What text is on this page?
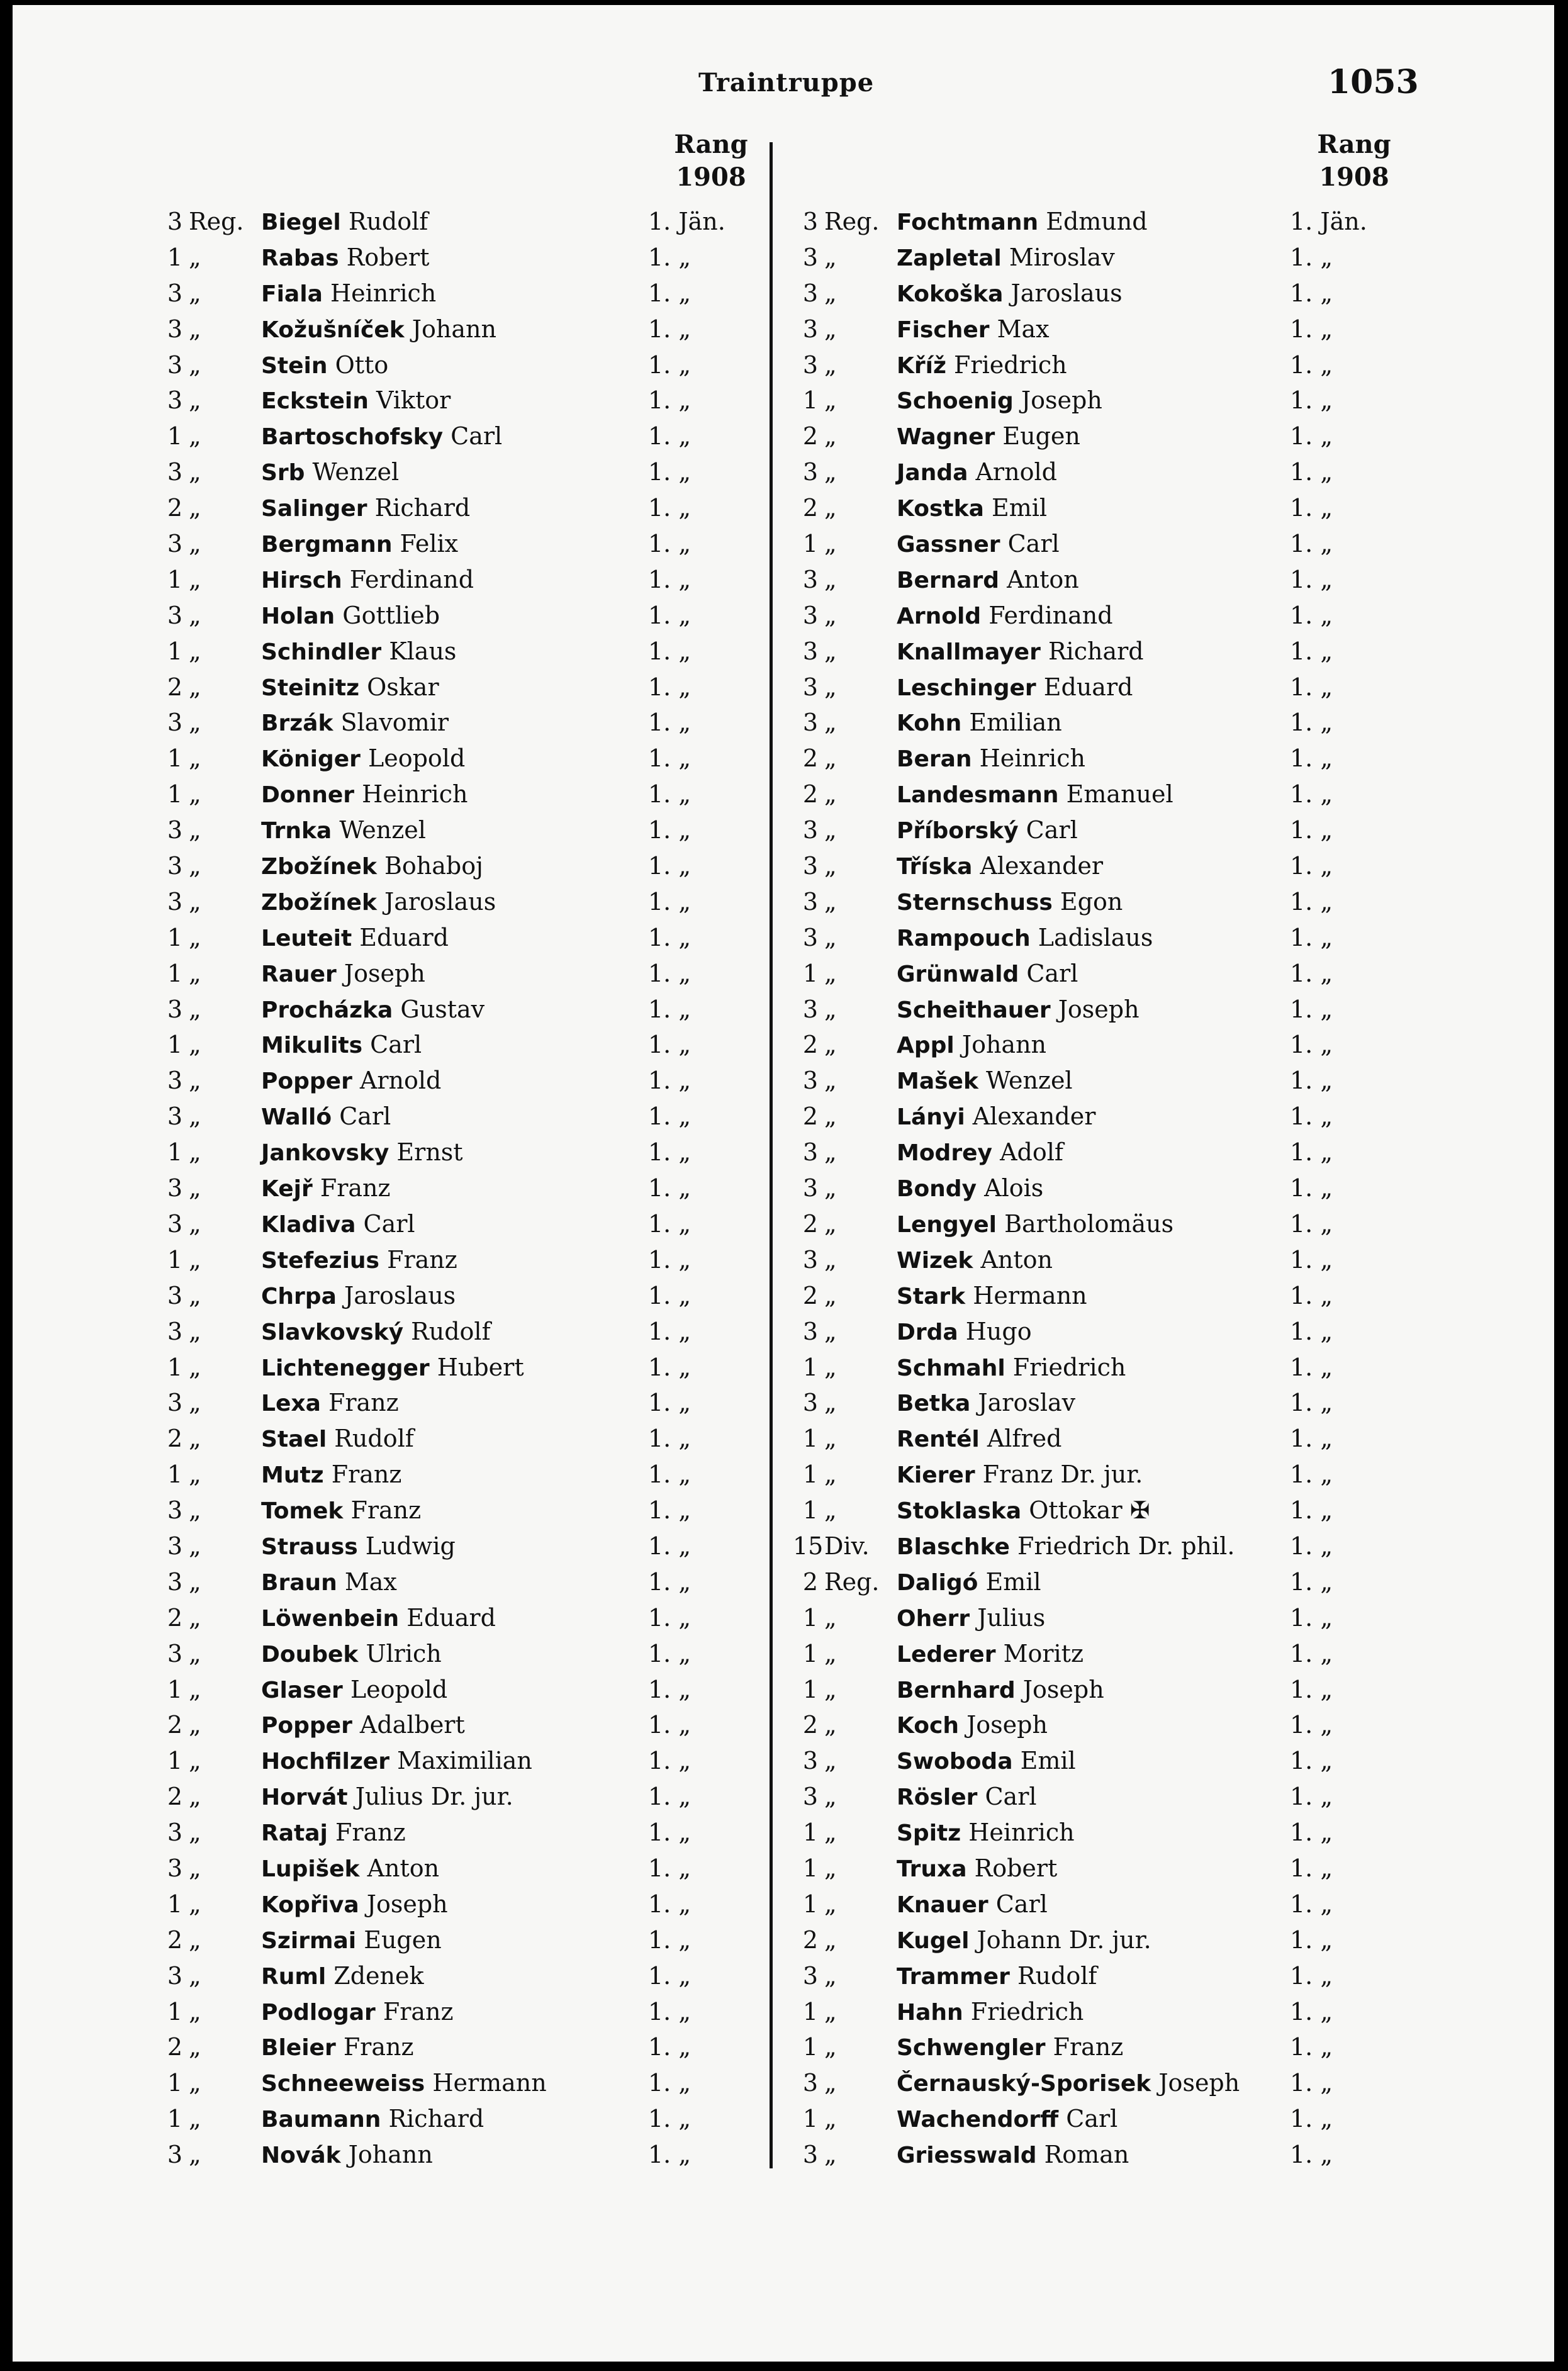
Traintruppe	1053
Rang
1908
Rang
1908
3 Reg. Biegel Rudolf	1. Jän.
1 „	Rabas Robert	1. „
3 „	Fiala Heinrich	1. „
3 „	Kožušníček Johann	1. „
3 „	Stein Otto	1. „
3 „	Eckstein Viktor	1. „
1 „	Bartoschofsky Carl	1. „
3 „	Srb Wenzel	1. „
2 „	Salinger Richard	1. „
3 „	Bergmann Felix	1. „
1 „	Hirsch Ferdinand	1. „
3 „	Holan Gottlieb	1. „
1 „	Schindler Klaus	1. „
2 „	Steinitz Oskar	1. „
3 „	Brzák Slavomir	1. „
1 „	Königer Leopold	1. „
1 „	Donner Heinrich	1. „
3 „	Trnka Wenzel	1. „
3 „	Zbožínek Bohaboj	1. „
3 „	Zbožínek Jaroslaus	1. „
1 „	Leuteit Eduard	1. „
1 „	Rauer Joseph	1. „
3 „	Procházka Gustav	1. „
1 „	Mikulits Carl	1. „
3 „	Popper Arnold	1. „
3 „	Walló Carl	1. „
1 „	Jankovsky Ernst	1. „
3 „	Kejř Franz	1. „
3 „	Kladiva Carl	1. „
1 „	Stefezius Franz	1. „
3 „	Chrpa Jaroslaus	1. „
3 „	Slavkovský Rudolf	1. „
1 „	Lichtenegger Hubert	1. „
3 „	Lexa Franz	1. „
2 „	Stael Rudolf	1. „
1 „	Mutz Franz	1. „
3 „	Tomek Franz	1. „
3 „	Strauss Ludwig	1. „
3 „	Braun Max	1. „
2 „	Löwenbein Eduard	1. „
3 „	Doubek Ulrich	1. „
1 „	Glaser Leopold	1. „
2 „	Popper Adalbert	1. „
1 „	Hochfilzer Maximilian	1. „
2 „	Horvát Julius Dr. jur.	1. „
3 „	Rataj Franz	1. „
3 „	Lupišek Anton	1. „
1 „	Kopřiva Joseph	1. „
2 „	Szirmai Eugen	1. „
3 „	Ruml Zdenek	1. „
1 „	Podlogar Franz	1. „
2 „	Bleier Franz	1. „
1 „	Schneeweiss Hermann	1. „
1 „	Baumann Richard	1. „
3 „	Novák Johann	1. „
3 Reg. Fochtmann Edmund	1. Jän.
3 „	Zapletal Miroslav	1. „
3 „	Kokoška Jaroslaus	1. „
3 „	Fischer Max	1. „
3 „	Kříž Friedrich	1. „
1 „	Schoenig Joseph	1. „
2 „	Wagner Eugen	1. „
3 „	Janda Arnold	1. „
2 „	Kostka Emil	1. „
1 „	Gassner Carl	1. „
3 „	Bernard Anton	1. „
3 „	Arnold Ferdinand	1. „
3 „	Knallmayer Richard	1. „
3 „	Leschinger Eduard	1. „
3 „	Kohn Emilian	1. „
2 „	Beran Heinrich	1. „
2 „	Landesmann Emanuel	1. „
3 „	Příborský Carl	1. „
3 „	Tříska Alexander	1. „
3 „	Sternschuss Egon	1. „
3 „	Rampouch Ladislaus	1. „
1 „	Grünwald Carl	1. „
3 „	Scheithauer Joseph	1. „
2 „	Appl Johann	1. „
3 „	Mašek Wenzel	1. „
2 „	Lányi Alexander	1. „
3 „	Modrey Adolf	1. „
3 „	Bondy Alois	1. „
2 „	Lengyel Bartholomäus	1. „
3 „	Wizek Anton	1. „
2 „	Stark Hermann	1. „
3 „	Drda Hugo	1. „
1 „	Schmahl Friedrich	1. „
3 „	Betka Jaroslav	1. „
1 „	Rentél Alfred	1. „
1 „	Kierer Franz Dr. jur.	1. „
1 „	Stoklaska Ottokar ✠	1. „
15 Div. Blaschke Friedrich Dr. phil. 1. „
2 Reg. Daligó Emil	1. „
1 „	Oherr Julius	1. „
1 „	Lederer Moritz	1. „
1 „	Bernhard Joseph	1. „
2 „	Koch Joseph	1. „
3 „	Swoboda Emil	1. „
3 „	Rösler Carl	1. „
1 „	Spitz Heinrich	1. „
1 „	Truxa Robert	1. „
1 „	Knauer Carl	1. „
2 „	Kugel Johann Dr. jur.	1. „
3 „	Trammer Rudolf	1. „
1 „	Hahn Friedrich	1. „
1 „	Schwengler Franz	1. „
3 „	Černauský-Sporisek Joseph 1. „
1 „	Wachendorff Carl	1. „
3 „	Griesswald Roman	1. „
